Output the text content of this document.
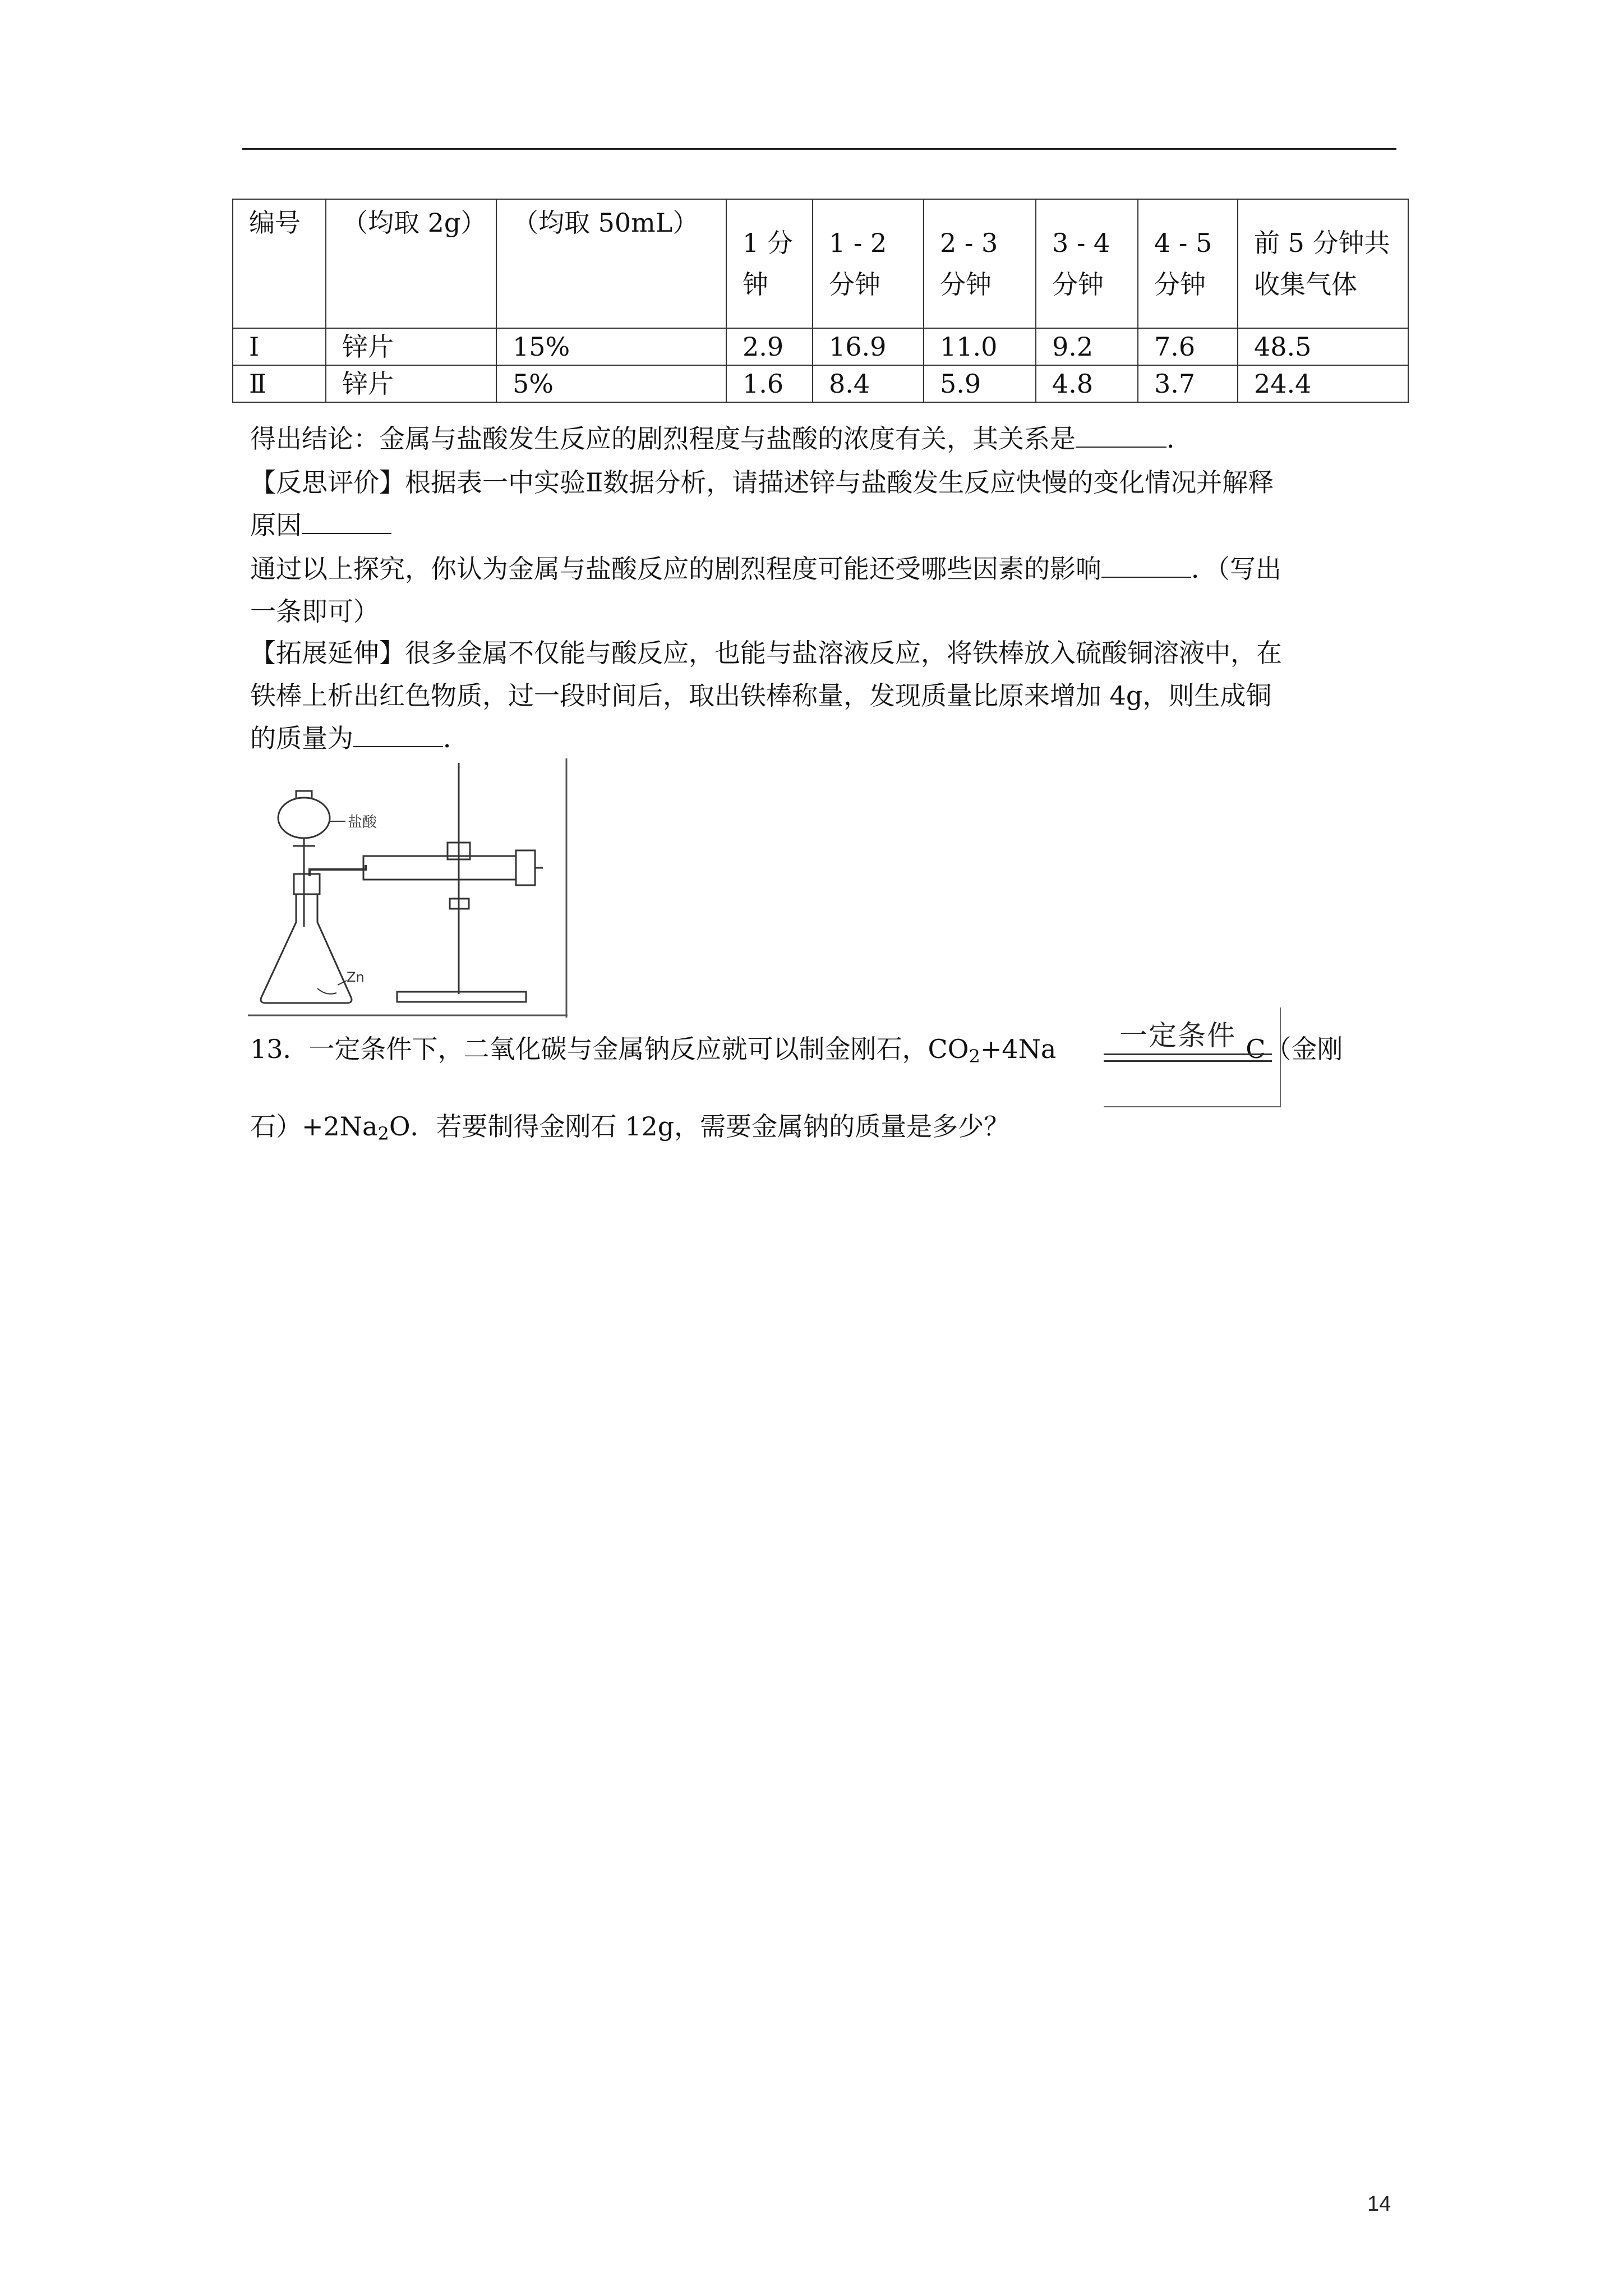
编号	（均取 2g）	（均取 50mL）	1 分钟	1 - 2 分钟	2 - 3 分钟	3 - 4 分钟	4 - 5 分钟	前 5 分钟共收集气体
Ⅰ	锌片	15%	2.9	16.9	11.0	9.2	7.6	48.5
Ⅱ	锌片	5%	1.6	8.4	5.9	4.8	3.7	24.4
得出结论：金属与盐酸发生反应的剧烈程度与盐酸的浓度有关，其关系是	．
【反思评价】根据表一中实验Ⅱ数据分析，请描述锌与盐酸发生反应快慢的变化情况并解释
原因
通过以上探究，你认为金属与盐酸反应的剧烈程度可能还受哪些因素的影响	．（写出
一条即可）
【拓展延伸】很多金属不仅能与酸反应，也能与盐溶液反应，将铁棒放入硫酸铜溶液中，在
铁棒上析出红色物质，过一段时间后，取出铁棒称量，发现质量比原来增加 4g，则生成铜
的质量为	．
盐酸
Zn
13．一定条件下，二氧化碳与金属钠反应就可以制金刚石，$CO_2+4Na$	C（金刚
一定条件
石）$+2Na_2O$．若要制得金刚石 12g，需要金属钠的质量是多少？
14
